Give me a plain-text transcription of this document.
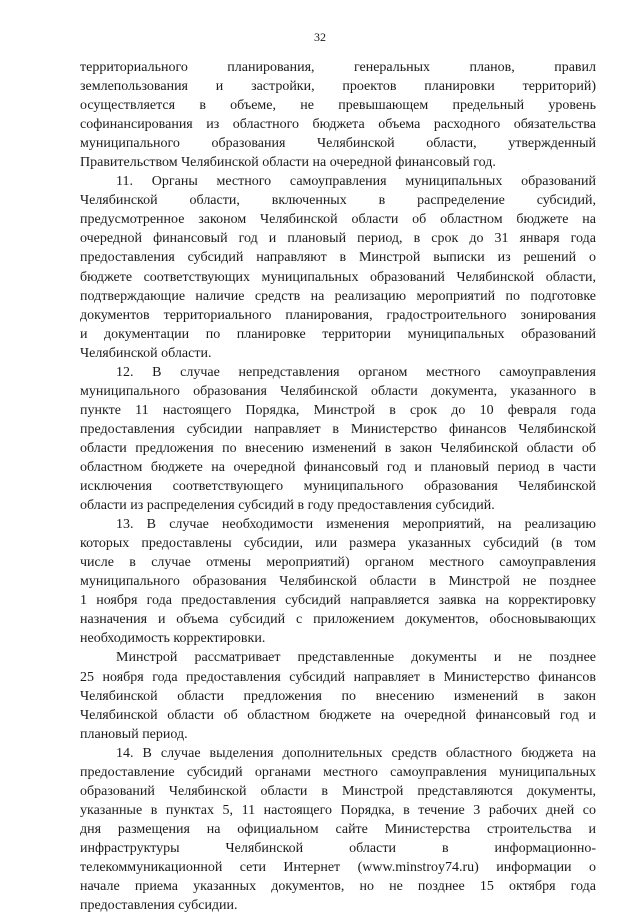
32
территориального планирования, генеральных планов, правил
землепользования и застройки, проектов планировки территорий)
осуществляется в объеме, не превышающем предельный уровень
софинансирования из областного бюджета объема расходного обязательства
муниципального образования Челябинской области, утвержденный
Правительством Челябинской области на очередной финансовый год.
11. Органы местного самоуправления муниципальных образований
Челябинской области, включенных в распределение субсидий,
предусмотренное законом Челябинской области об областном бюджете на
очередной финансовый год и плановый период, в срок до 31 января года
предоставления субсидий направляют в Минстрой выписки из решений о
бюджете соответствующих муниципальных образований Челябинской области,
подтверждающие наличие средств на реализацию мероприятий по подготовке
документов территориального планирования, градостроительного зонирования
и документации по планировке территории муниципальных образований
Челябинской области.
12. В случае непредставления органом местного самоуправления
муниципального образования Челябинской области документа, указанного в
пункте 11 настоящего Порядка, Минстрой в срок до 10 февраля года
предоставления субсидии направляет в Министерство финансов Челябинской
области предложения по внесению изменений в закон Челябинской области об
областном бюджете на очередной финансовый год и плановый период в части
исключения соответствующего муниципального образования Челябинской
области из распределения субсидий в году предоставления субсидий.
13. В случае необходимости изменения мероприятий, на реализацию
которых предоставлены субсидии, или размера указанных субсидий (в том
числе в случае отмены мероприятий) органом местного самоуправления
муниципального образования Челябинской области в Минстрой не позднее
1 ноября года предоставления субсидий направляется заявка на корректировку
назначения и объема субсидий с приложением документов, обосновывающих
необходимость корректировки.
Минстрой рассматривает представленные документы и не позднее
25 ноября года предоставления субсидий направляет в Министерство финансов
Челябинской области предложения по внесению изменений в закон
Челябинской области об областном бюджете на очередной финансовый год и
плановый период.
14. В случае выделения дополнительных средств областного бюджета на
предоставление субсидий органами местного самоуправления муниципальных
образований Челябинской области в Минстрой представляются документы,
указанные в пунктах 5, 11 настоящего Порядка, в течение 3 рабочих дней со
дня размещения на официальном сайте Министерства строительства и
инфраструктуры Челябинской области в информационно-
телекоммуникационной сети Интернет (www.minstroy74.ru) информации о
начале приема указанных документов, но не позднее 15 октября года
предоставления субсидии.
